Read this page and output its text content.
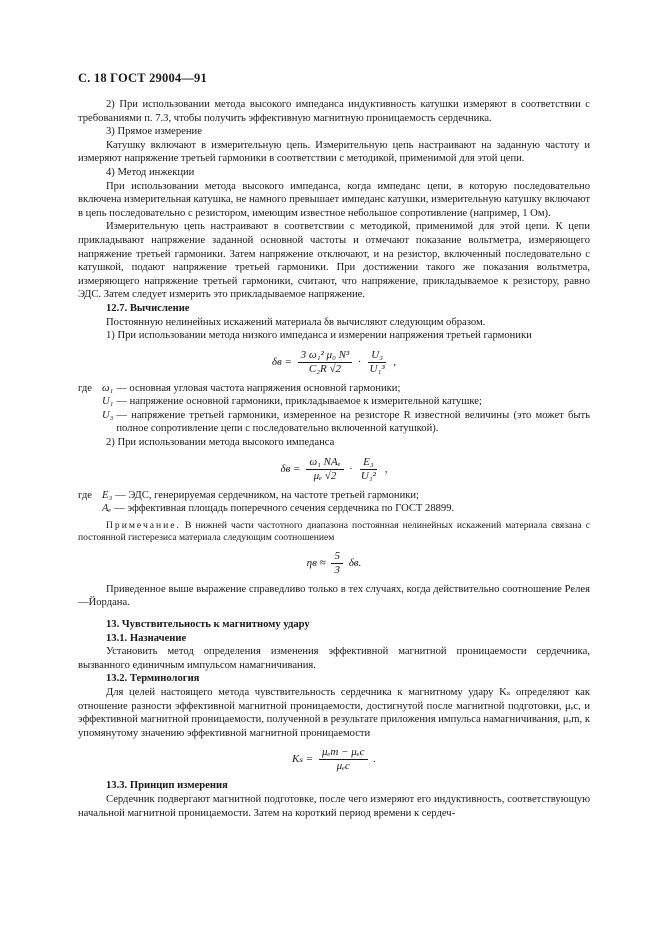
С. 18 ГОСТ 29004—91

2) При использовании метода высокого импеданса индуктивность катушки измеряют в соответствии с требованиями п. 7.3, чтобы получить эффективную магнитную проницаемость сердечника.

3) Прямое измерение

Катушку включают в измерительную цепь. Измерительную цепь настраивают на заданную частоту и измеряют напряжение третьей гармоники в соответствии с методикой, применимой для этой цепи.

4) Метод инжекции

При использовании метода высокого импеданса, когда импеданс цепи, в которую последовательно включена измерительная катушка, не намного превышает импеданс катушки, измерительную катушку включают в цепь последовательно с резистором, имеющим известное небольшое сопротивление (например, 1 Ом).

Измерительную цепь настраивают в соответствии с методикой, применимой для этой цепи. К цепи прикладывают напряжение заданной основной частоты и отмечают показание вольтметра, измеряющего напряжение третьей гармоники. Затем напряжение отключают, и на резистор, включенный последовательно с катушкой, подают напряжение третьей гармоники. При достижении такого же показания вольтметра, измеряющего напряжение третьей гармоники, считают, что напряжение, прикладываемое к резистору, равно ЭДС. Затем следует измерить это прикладываемое напряжение.

12.7. Вычисление

Постоянную нелинейных искажений материала δв вычисляют следующим образом.

1) При использовании метода низкого импеданса и измерении напряжения третьей гармоники

$\delta в = \frac{\text{3 ω₁² μ₀ N³}}{\text{C₂R √2}} \cdot \frac{\text{U₃}}{\text{U₁³}}$ ,
где ω₁ — основная угловая частота напряжения основной гармоники;
U₁ — напряжение основной гармоники, прикладываемое к измерительной катушке;
U₃ — напряжение третьей гармоники, измеренное на резисторе R известной величины (это может быть полное сопротивление цепи с последовательно включенной катушкой).

2) При использовании метода высокого импеданса

$\delta в = \frac{\text{ω₁ NAₑ}}{\text{μₑ √2}} \cdot \frac{\text{E₃}}{\text{U₁²}}$ ,
где E₃ — ЭДС, генерируемая сердечником, на частоте третьей гармоники;
Aₑ — эффективная площадь поперечного сечения сердечника по ГОСТ 28899.

Примечание. В нижней части частотного диапазона постоянная нелинейных искажений материала связана с постоянной гистерезиса материала следующим соотношением

$\eta в \approx \frac{5}{3} \delta в$.

Приведенное выше выражение справедливо только в тех случаях, когда действительно соотношение Релея—Йордана.

13. Чувствительность к магнитному удару

13.1. Назначение

Установить метод определения изменения эффективной магнитной проницаемости сердечника, вызванного единичным импульсом намагничивания.

13.2. Терминология

Для целей настоящего метода чувствительность сердечника к магнитному удару Kₛ определяют как отношение разности эффективной магнитной проницаемости, достигнутой после магнитной подготовки, μₑc, и эффективной магнитной проницаемости, полученной в результате приложения импульса намагничивания, μₑm, к упомянутому значению эффективной магнитной проницаемости

$K_s = \frac{\text{μₑm − μₑc}}{\text{μₑc}}$ .

13.3. Принцип измерения

Сердечник подвергают магнитной подготовке, после чего измеряют его индуктивность, соответствующую начальной магнитной проницаемости. Затем на короткий период времени к сердеч-
